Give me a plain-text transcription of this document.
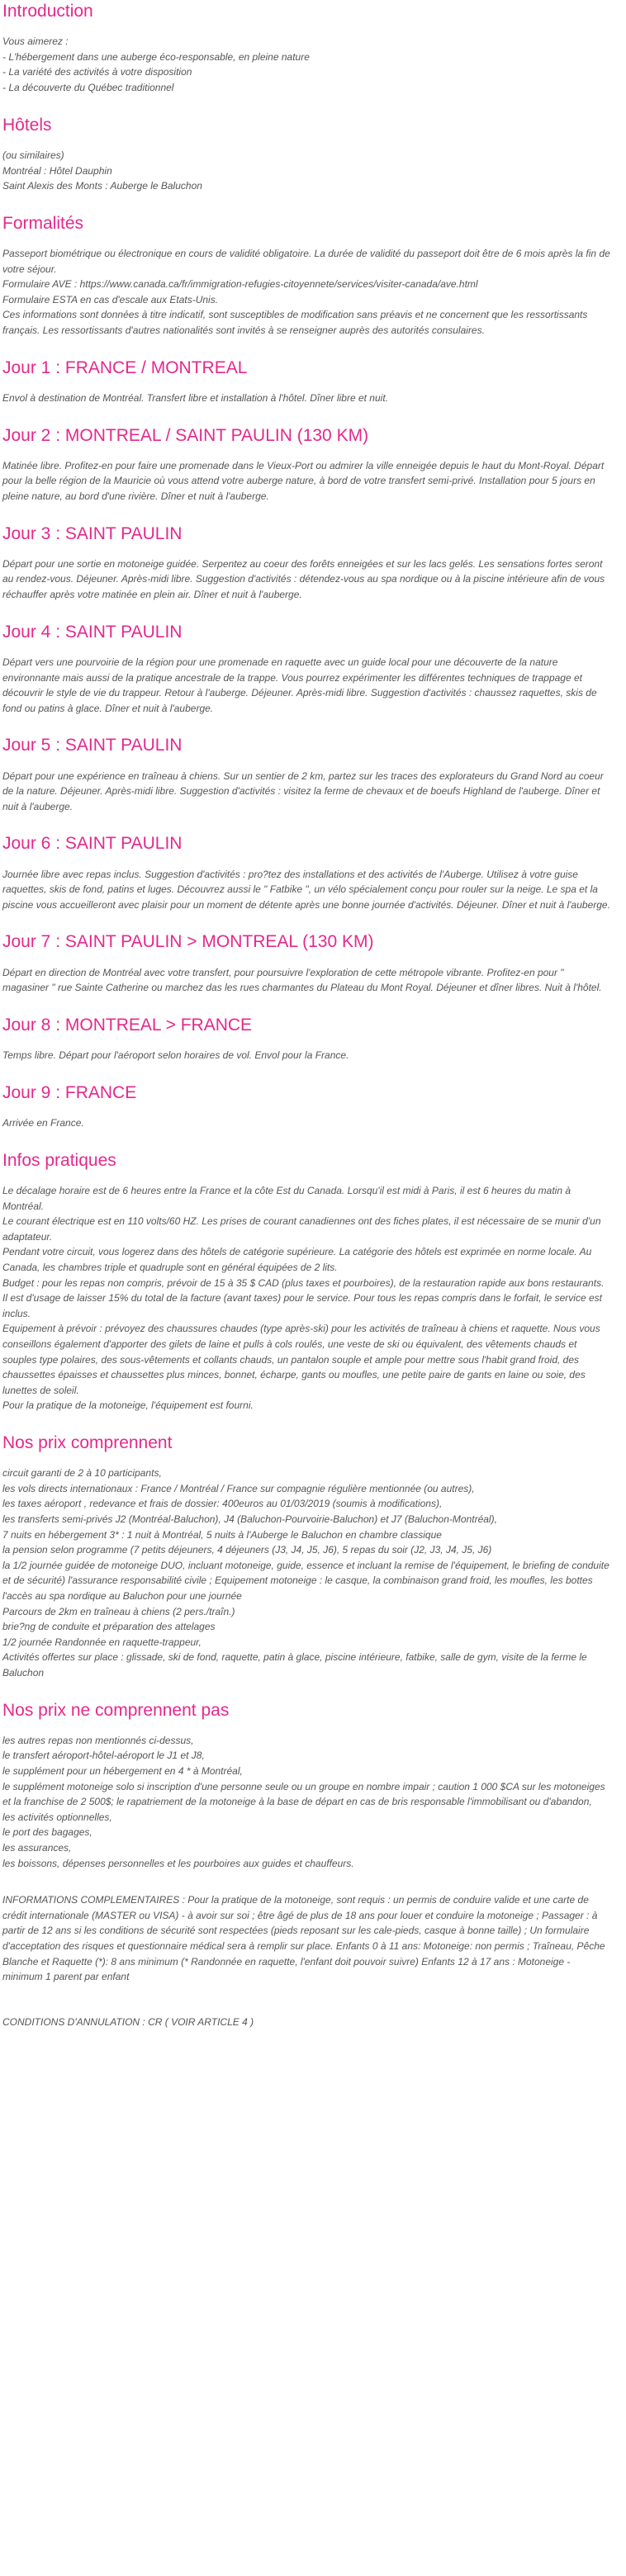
Introduction

Vous aimerez :

- L'hébergement dans une auberge éco-responsable, en pleine nature

- La variété des activités à votre disposition

- La découverte du Québec traditionnel

Hôtels

(ou similaires)

Montréal : Hôtel Dauphin

Saint Alexis des Monts : Auberge le Baluchon

Formalités

Passeport biométrique ou électronique en cours de validité obligatoire. La durée de validité du passeport doit être de 6 mois après la fin de votre séjour.

Formulaire AVE : https://www.canada.ca/fr/immigration-refugies-citoyennete/services/visiter-canada/ave.html

Formulaire ESTA en cas d'escale aux Etats-Unis.

Ces informations sont données à titre indicatif, sont susceptibles de modification sans préavis et ne concernent que les ressortissants français. Les ressortissants d'autres nationalités sont invités à se renseigner auprès des autorités consulaires.

Jour 1 : FRANCE / MONTREAL

Envol à destination de Montréal. Transfert libre et installation à l'hôtel. Dîner libre et nuit.

Jour 2 : MONTREAL / SAINT PAULIN (130 KM)

Matinée libre. Profitez-en pour faire une promenade dans le Vieux-Port ou admirer la ville enneigée depuis le haut du Mont-Royal. Départ pour la belle région de la Mauricie où vous attend votre auberge nature, à bord de votre transfert semi-privé. Installation pour 5 jours en pleine nature, au bord d'une rivière. Dîner et nuit à l'auberge.

Jour 3 : SAINT PAULIN

Départ pour une sortie en motoneige guidée. Serpentez au coeur des forêts enneigées et sur les lacs gelés. Les sensations fortes seront au rendez-vous. Déjeuner. Après-midi libre. Suggestion d'activités : détendez-vous au spa nordique ou à la piscine intérieure afin de vous réchauffer après votre matinée en plein air. Dîner et nuit à l'auberge.

Jour 4 : SAINT PAULIN

Départ vers une pourvoirie de la région pour une promenade en raquette avec un guide local pour une découverte de la nature environnante mais aussi de la pratique ancestrale de la trappe. Vous pourrez expérimenter les différentes techniques de trappage et découvrir le style de vie du trappeur. Retour à l'auberge. Déjeuner. Après-midi libre. Suggestion d'activités : chaussez raquettes, skis de fond ou patins à glace. Dîner et nuit à l'auberge.

Jour 5 : SAINT PAULIN

Départ pour une expérience en traîneau à chiens. Sur un sentier de 2 km, partez sur les traces des explorateurs du Grand Nord au coeur de la nature. Déjeuner. Après-midi libre. Suggestion d'activités : visitez la ferme de chevaux et de boeufs Highland de l'auberge. Dîner et nuit à l'auberge.

Jour 6 : SAINT PAULIN

Journée libre avec repas inclus. Suggestion d'activités : pro?tez des installations et des activités de l'Auberge. Utilisez à votre guise raquettes, skis de fond, patins et luges. Découvrez aussi le " Fatbike ", un vélo spécialement conçu pour rouler sur la neige. Le spa et la piscine vous accueilleront avec plaisir pour un moment de détente après une bonne journée d'activités. Déjeuner. Dîner et nuit à l'auberge.

Jour 7 : SAINT PAULIN > MONTREAL (130 KM)

Départ en direction de Montréal avec votre transfert, pour poursuivre l'exploration de cette métropole vibrante. Profitez-en pour " magasiner " rue Sainte Catherine ou marchez das les rues charmantes du Plateau du Mont Royal. Déjeuner et dîner libres. Nuit à l'hôtel.

Jour 8 : MONTREAL > FRANCE

Temps libre. Départ pour l'aéroport selon horaires de vol. Envol pour la France.

Jour 9 : FRANCE

Arrivée en France.

Infos pratiques

Le décalage horaire est de 6 heures entre la France et la côte Est du Canada. Lorsqu'il est midi à Paris, il est 6 heures du matin à Montréal.

Le courant électrique est en 110 volts/60 HZ. Les prises de courant canadiennes ont des fiches plates, il est nécessaire de se munir d'un adaptateur.

Pendant votre circuit, vous logerez dans des hôtels de catégorie supérieure. La catégorie des hôtels est exprimée en norme locale. Au Canada, les chambres triple et quadruple sont en général équipées de 2 lits.

Budget : pour les repas non compris, prévoir de 15 à 35 $ CAD (plus taxes et pourboires), de la restauration rapide aux bons restaurants. Il est d'usage de laisser 15% du total de la facture (avant taxes) pour le service. Pour tous les repas compris dans le forfait, le service est inclus.

Equipement à prévoir : prévoyez des chaussures chaudes (type après-ski) pour les activités de traîneau à chiens et raquette. Nous vous conseillons également d'apporter des gilets de laine et pulls à cols roulés, une veste de ski ou équivalent, des vêtements chauds et souples type polaires, des sous-vêtements et collants chauds, un pantalon souple et ample pour mettre sous l'habit grand froid, des chaussettes épaisses et chaussettes plus minces, bonnet, écharpe, gants ou moufles, une petite paire de gants en laine ou soie, des lunettes de soleil.

Pour la pratique de la motoneige, l'équipement est fourni.

Nos prix comprennent

circuit garanti de 2 à 10 participants,

les vols directs internationaux : France / Montréal / France sur compagnie régulière mentionnée (ou autres),

les taxes aéroport , redevance et frais de dossier: 400euros au 01/03/2019 (soumis à modifications),

les transferts semi-privés J2 (Montréal-Baluchon), J4 (Baluchon-Pourvoirie-Baluchon) et J7 (Baluchon-Montréal),

7 nuits en hébergement 3* : 1 nuit à Montréal, 5 nuits à l'Auberge le Baluchon en chambre classique

la pension selon programme (7 petits déjeuners, 4 déjeuners (J3, J4, J5, J6), 5 repas du soir (J2, J3, J4, J5, J6)

la 1/2 journée guidée de motoneige DUO, incluant motoneige, guide, essence et incluant la remise de l'équipement, le briefing de conduite et de sécurité) l'assurance responsabilité civile ; Equipement motoneige : le casque, la combinaison grand froid, les moufles, les bottes

l'accès au spa nordique au Baluchon pour une journée

Parcours de 2km en traîneau à chiens (2 pers./traîn.)

brie?ng de conduite et préparation des attelages

1/2 journée Randonnée en raquette-trappeur,

Activités offertes sur place : glissade, ski de fond, raquette, patin à glace, piscine intérieure, fatbike, salle de gym, visite de la ferme le Baluchon

Nos prix ne comprennent pas

les autres repas non mentionnés ci-dessus,

le transfert aéroport-hôtel-aéroport le J1 et J8,

le supplément pour un hébergement en 4 * à Montréal,

le supplément motoneige solo si inscription d'une personne seule ou un groupe en nombre impair ; caution 1 000 $CA sur les motoneiges et la franchise de 2 500$; le rapatriement de la motoneige à la base de départ en cas de bris responsable l'immobilisant ou d'abandon,

les activités optionnelles,

le port des bagages,

les assurances,

les boissons, dépenses personnelles et les pourboires aux guides et chauffeurs.

INFORMATIONS COMPLEMENTAIRES : Pour la pratique de la motoneige, sont requis : un permis de conduire valide et une carte de crédit internationale (MASTER ou VISA) - à avoir sur soi ; être âgé de plus de 18 ans pour louer et conduire la motoneige ; Passager : à partir de 12 ans si les conditions de sécurité sont respectées (pieds reposant sur les cale-pieds, casque à bonne taille) ; Un formulaire d'acceptation des risques et questionnaire médical sera à remplir sur place. Enfants 0 à 11 ans: Motoneige: non permis ; Traîneau, Pêche Blanche et Raquette (*): 8 ans minimum (* Randonnée en raquette, l'enfant doit pouvoir suivre) Enfants 12 à 17 ans : Motoneige - minimum 1 parent par enfant

CONDITIONS D'ANNULATION : CR ( VOIR ARTICLE 4 )
